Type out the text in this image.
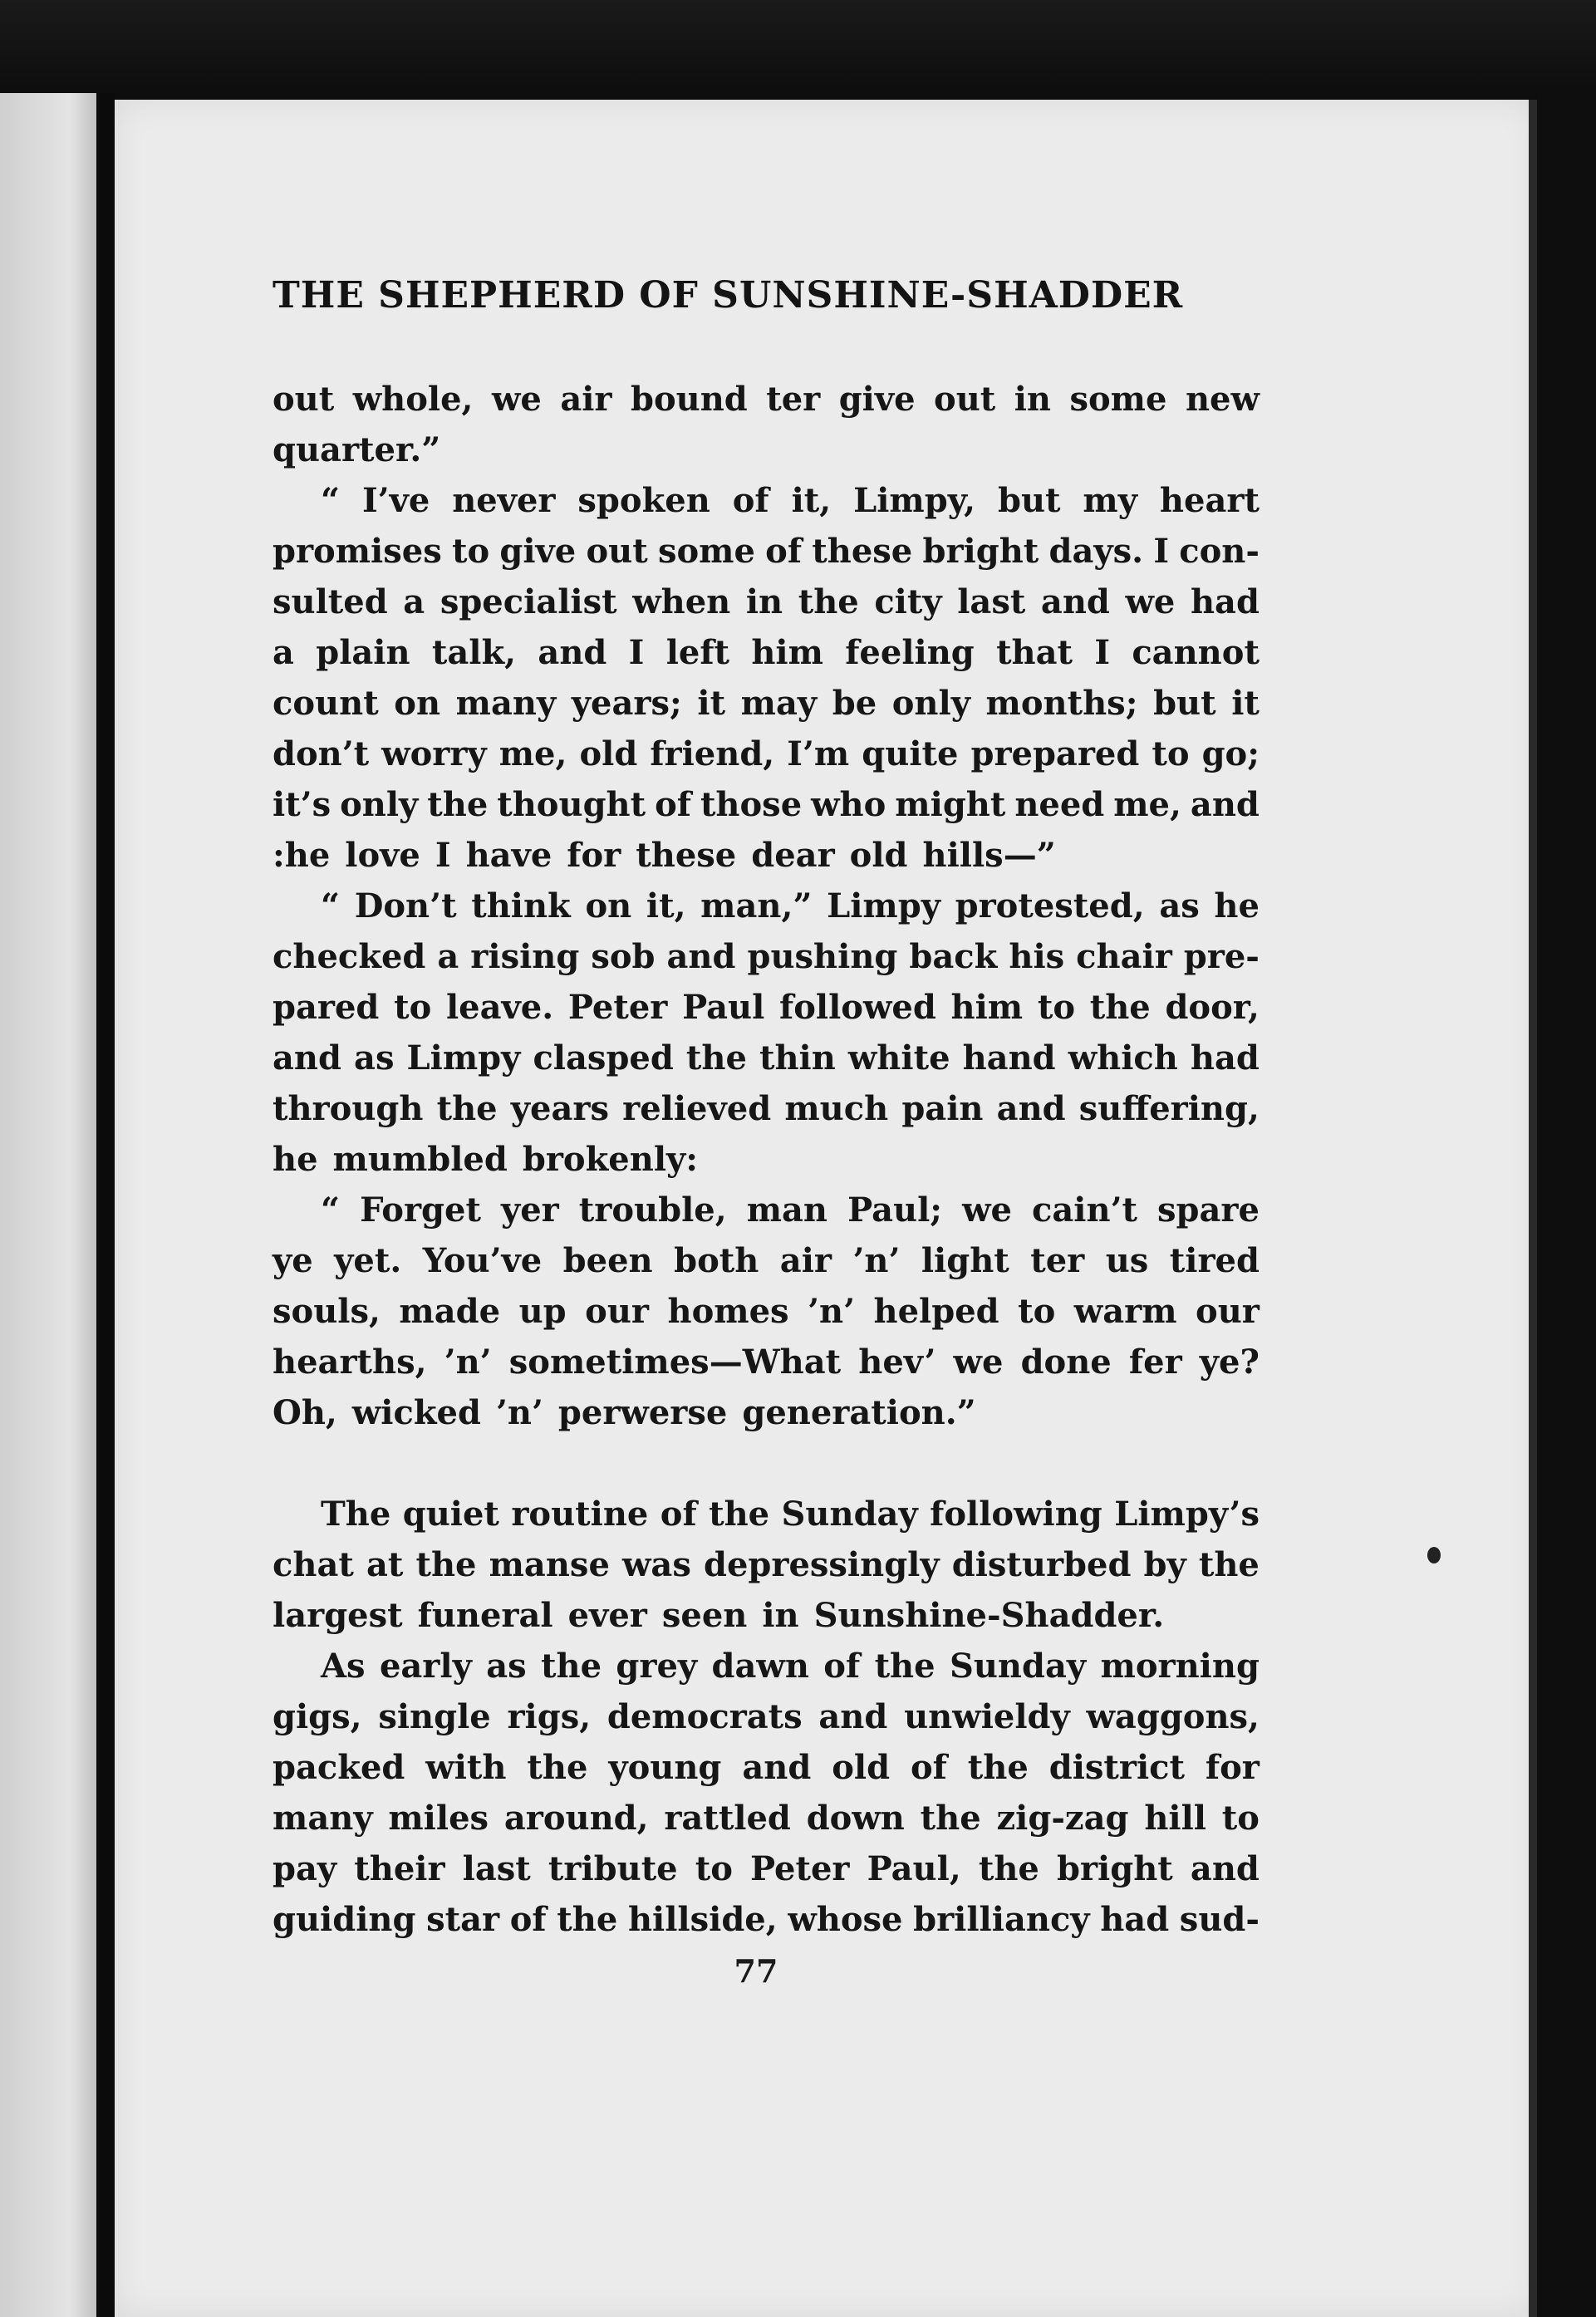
THE SHEPHERD OF SUNSHINE-SHADDER
out whole, we air bound ter give out in some new
quarter.”
“ I’ve never spoken of it, Limpy, but my heart
promises to give out some of these bright days. I con-
sulted a specialist when in the city last and we had
a plain talk, and I left him feeling that I cannot
count on many years; it may be only months; but it
don’t worry me, old friend, I’m quite prepared to go;
it’s only the thought of those who might need me, and
:he love I have for these dear old hills—”
“ Don’t think on it, man,” Limpy protested, as he
checked a rising sob and pushing back his chair pre-
pared to leave. Peter Paul followed him to the door,
and as Limpy clasped the thin white hand which had
through the years relieved much pain and suffering,
he mumbled brokenly:
“ Forget yer trouble, man Paul; we cain’t spare
ye yet. You’ve been both air ’n’ light ter us tired
souls, made up our homes ’n’ helped to warm our
hearths, ’n’ sometimes—What hev’ we done fer ye?
Oh, wicked ’n’ perwerse generation.”
The quiet routine of the Sunday following Limpy’s
chat at the manse was depressingly disturbed by the
largest funeral ever seen in Sunshine-Shadder.
As early as the grey dawn of the Sunday morning
gigs, single rigs, democrats and unwieldy waggons,
packed with the young and old of the district for
many miles around, rattled down the zig-zag hill to
pay their last tribute to Peter Paul, the bright and
guiding star of the hillside, whose brilliancy had sud-
77
